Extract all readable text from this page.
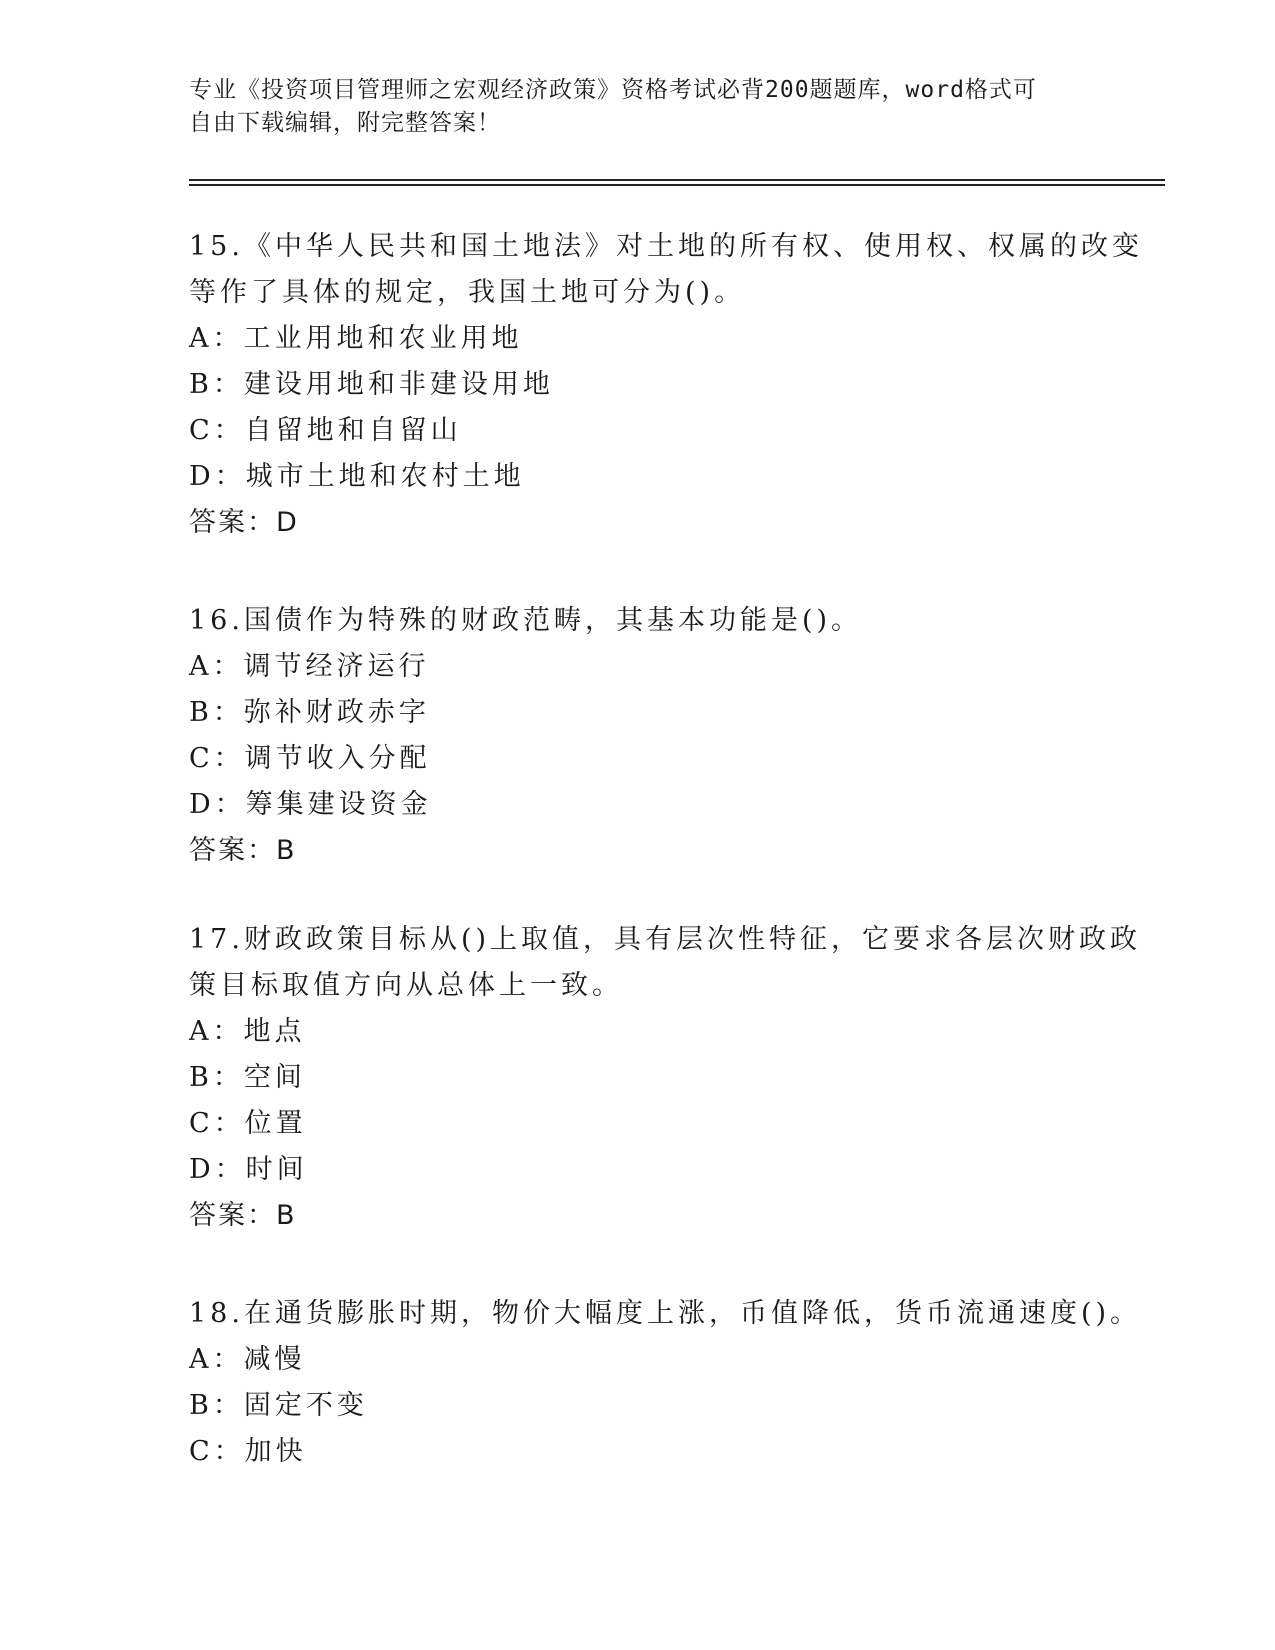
专业《投资项目管理师之宏观经济政策》资格考试必背200题题库，word格式可
自由下载编辑，附完整答案！
15.《中华人民共和国土地法》对土地的所有权、使用权、权属的改变
等作了具体的规定，我国土地可分为()。
A：工业用地和农业用地
B：建设用地和非建设用地
C：自留地和自留山
D：城市土地和农村土地
答案：D
16.国债作为特殊的财政范畴，其基本功能是()。
A：调节经济运行
B：弥补财政赤字
C：调节收入分配
D：筹集建设资金
答案：B
17.财政政策目标从()上取值，具有层次性特征，它要求各层次财政政
策目标取值方向从总体上一致。
A：地点
B：空间
C：位置
D：时间
答案：B
18.在通货膨胀时期，物价大幅度上涨，币值降低，货币流通速度()。
A：减慢
B：固定不变
C：加快
